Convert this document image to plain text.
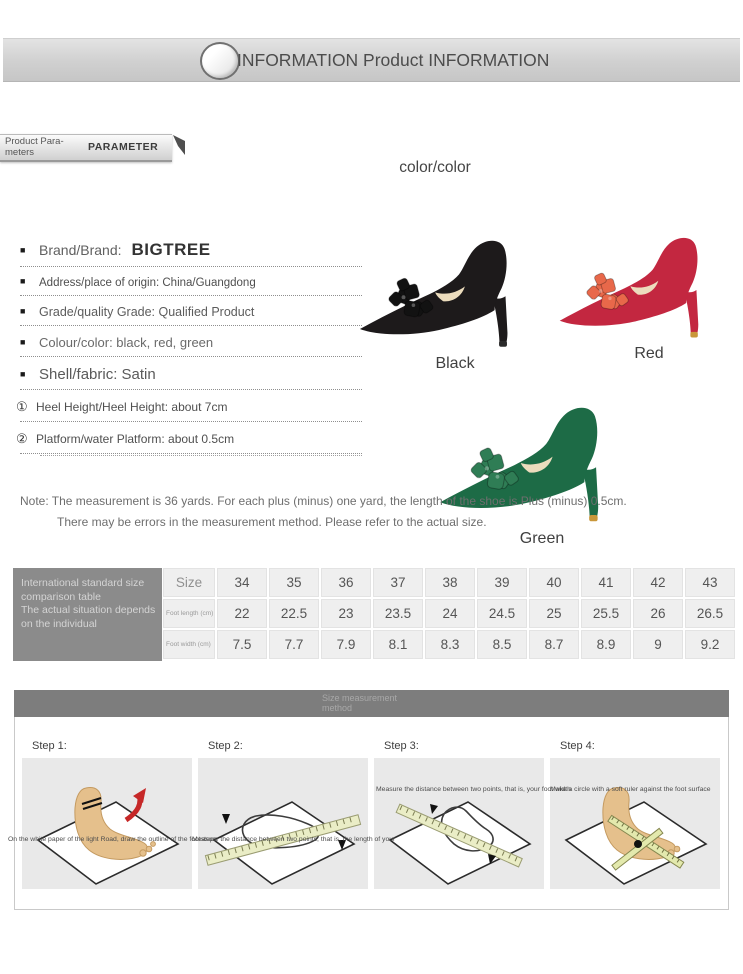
INFORMATION Product INFORMATION
Product Para-
meters	PARAMETER
color/color
■ Brand/Brand: BIGTREE
■ Address/place of origin: China/Guangdong
■ Grade/quality Grade: Qualified Product
■ Colour/color: black, red, green
■ Shell/fabric: Satin
① Heel Height/Heel Height: about 7cm
② Platform/water Platform: about 0.5cm
Black
Red
Green
Note: The measurement is 36 yards. For each plus (minus) one yard, the length of the shoe is Plus (minus) 0.5cm.
There may be errors in the measurement method. Please refer to the actual size.
International standard size comparison table
The actual situation depends on the individual
Size	34	35	36	37	38	39	40	41	42	43
Foot length (cm)	22	22.5	23	23.5	24	24.5	25	25.5	26	26.5
Foot width (cm)	7.5	7.7	7.9	8.1	8.3	8.5	8.7	8.9	9	9.2
Size measurement
method
Step 1:
On the white paper of the light Road, draw the outline of the footsteps
Step 2:
Measure the distance between two points, that is, the length of your
Step 3:
Measure the distance between two points, that is, your foot width
Step 4:
Make a circle with a soft ruler against the foot surface
